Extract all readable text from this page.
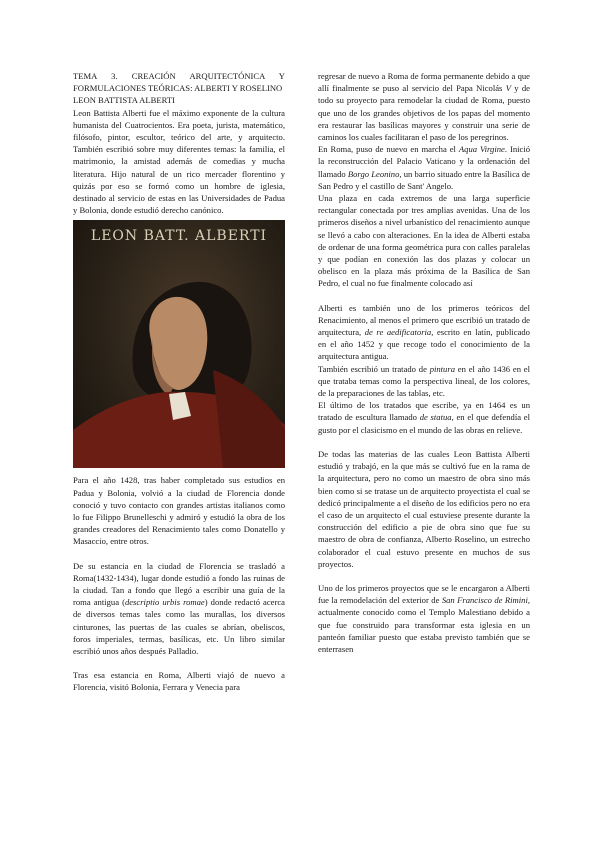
TEMA 3. CREACIÓN ARQUITECTÓNICA Y FORMULACIONES TEÓRICAS: ALBERTI Y ROSELINO

LEON BATTISTA ALBERTI

Leon Battista Alberti fue el máximo exponente de la cultura humanista del Cuatrocientos. Era poeta, jurista, matemático, filósofo, pintor, escultor, teórico del arte, y arquitecto. También escribió sobre muy diferentes temas: la familia, el matrimonio, la amistad además de comedias y mucha literatura. Hijo natural de un rico mercader florentino y quizás por eso se formó como un hombre de iglesia, destinado al servicio de estas en las Universidades de Padua y Bolonia, donde estudió derecho canónico.

LEON BATT. ALBERTI

Para el año 1428, tras haber completado sus estudios en Padua y Bolonia, volvió a la ciudad de Florencia donde conoció y tuvo contacto con grandes artistas italianos como lo fue Filippo Brunelleschi y admiró y estudió la obra de los grandes creadores del Renacimiento tales como Donatello y Masaccio, entre otros.

De su estancia en la ciudad de Florencia se trasladó a Roma(1432-1434), lugar donde estudió a fondo las ruinas de la ciudad. Tan a fondo que llegó a escribir una guía de la roma antigua (descriptio urbis romae) donde redactó acerca de diversos temas tales como las murallas, los diversos cinturones, las puertas de las cuales se abrían, obeliscos, foros imperiales, termas, basílicas, etc. Un libro similar escribió unos años después Palladio.

Tras esa estancia en Roma, Alberti viajó de nuevo a Florencia, visitó Bolonia, Ferrara y Venecia para

regresar de nuevo a Roma de forma permanente debido a que allí finalmente se puso al servicio del Papa Nicolás V y de todo su proyecto para remodelar la ciudad de Roma, puesto que uno de los grandes objetivos de los papas del momento era restaurar las basílicas mayores y construir una serie de caminos los cuales facilitaran el paso de los peregrinos.

En Roma, puso de nuevo en marcha el Aqua Virgine. Inició la reconstrucción del Palacio Vaticano y la ordenación del llamado Borgo Leonino, un barrio situado entre la Basílica de San Pedro y el castillo de Sant' Angelo.

Una plaza en cada extremos de una larga superficie rectangular conectada por tres amplias avenidas. Una de los primeros diseños a nivel urbanístico del renacimiento aunque se llevó a cabo con alteraciones. En la idea de Alberti estaba de ordenar de una forma geométrica pura con calles paralelas y que podían en conexión las dos plazas y colocar un obelisco en la plaza más próxima de la Basílica de San Pedro, el cual no fue finalmente colocado así

Alberti es también uno de los primeros teóricos del Renacimiento, al menos el primero que escribió un tratado de arquitectura, de re aedificatoria, escrito en latín, publicado en el año 1452 y que recoge todo el conocimiento de la arquitectura antigua.

También escribió un tratado de pintura en el año 1436 en el que trataba temas como la perspectiva lineal, de los colores, de la preparaciones de las tablas, etc.

El último de los tratados que escribe, ya en 1464 es un tratado de escultura llamado de statua, en el que defendía el gusto por el clasicismo en el mundo de las obras en relieve.

De todas las materias de las cuales Leon Battista Alberti estudió y trabajó, en la que más se cultivó fue en la rama de la arquitectura, pero no como un maestro de obra sino más bien como si se tratase un de arquitecto proyectista el cual se dedicó principalmente a el diseño de los edificios pero no era el caso de un arquitecto el cual estuviese presente durante la construcción del edificio a pie de obra sino que fue su maestro de obra de confianza, Alberto Roselino, un estrecho colaborador el cual estuvo presente en muchos de sus proyectos.

Uno de los primeros proyectos que se le encargaron a Alberti fue la remodelación del exterior de San Francisco de Rimini, actualmente conocido como el Templo Malestiano debido a que fue construido para transformar esta iglesia en un panteón familiar puesto que estaba previsto también que se enterrasen
